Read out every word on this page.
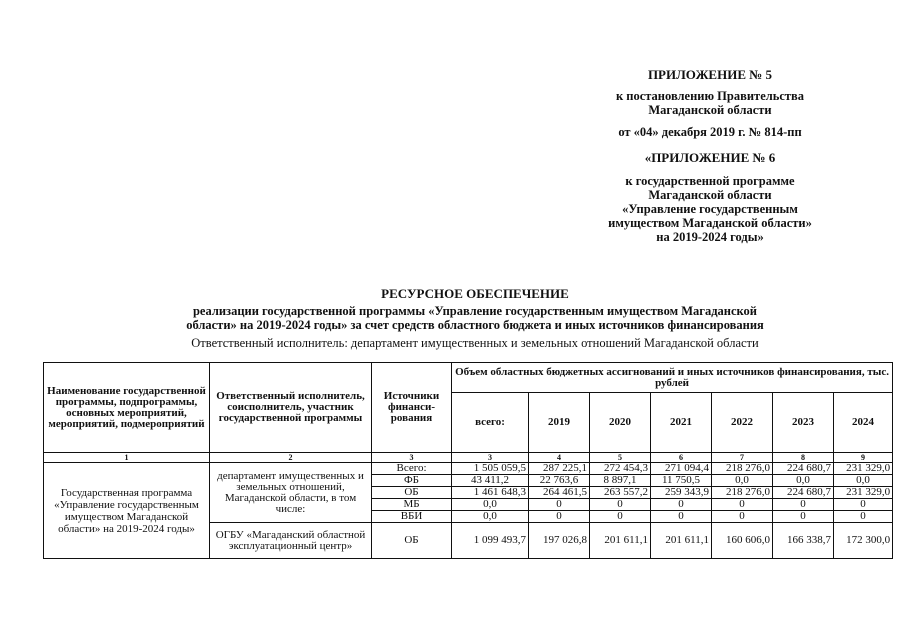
ПРИЛОЖЕНИЕ № 5
к постановлению Правительства
Магаданской области
от «04» декабря 2019 г. № 814-пп
«ПРИЛОЖЕНИЕ № 6
к государственной программе
Магаданской области
«Управление государственным
имуществом Магаданской области»
на 2019-2024 годы»
РЕСУРСНОЕ ОБЕСПЕЧЕНИЕ
реализации государственной программы «Управление государственным имуществом Магаданской
области» на 2019-2024 годы» за счет средств областного бюджета и иных источников финансирования
Ответственный исполнитель: департамент имущественных и земельных отношений Магаданской области
Наименование государственной программы, подпрограммы, основных мероприятий, мероприятий, подмероприятий	Ответственный исполнитель, соисполнитель, участник государственной программы	Источники финанси-рования	Объем областных бюджетных ассигнований и иных источников финансирования, тыс. рублей						
			всего:	2019	2020	2021	2022	2023	2024
1	2	3	3	4	5	6	7	8	9
Государственная программа «Управление государственным имуществом Магаданской области» на 2019-2024 годы»	департамент имущественных и земельных отношений, Магаданской области, в том числе:	Всего:	1 505 059,5	287 225,1	272 454,3	271 094,4	218 276,0	224 680,7	231 329,0
		ФБ	43 411,2	22 763,6	8 897,1	11 750,5	0,0	0,0	0,0
		ОБ	1 461 648,3	264 461,5	263 557,2	259 343,9	218 276,0	224 680,7	231 329,0
		МБ	0,0	0	0	0	0	0	0
		ВБИ	0,0	0	0	0	0	0	0
	ОГБУ «Магаданский областной эксплуатационный центр»	ОБ	1 099 493,7	197 026,8	201 611,1	201 611,1	160 606,0	166 338,7	172 300,0
